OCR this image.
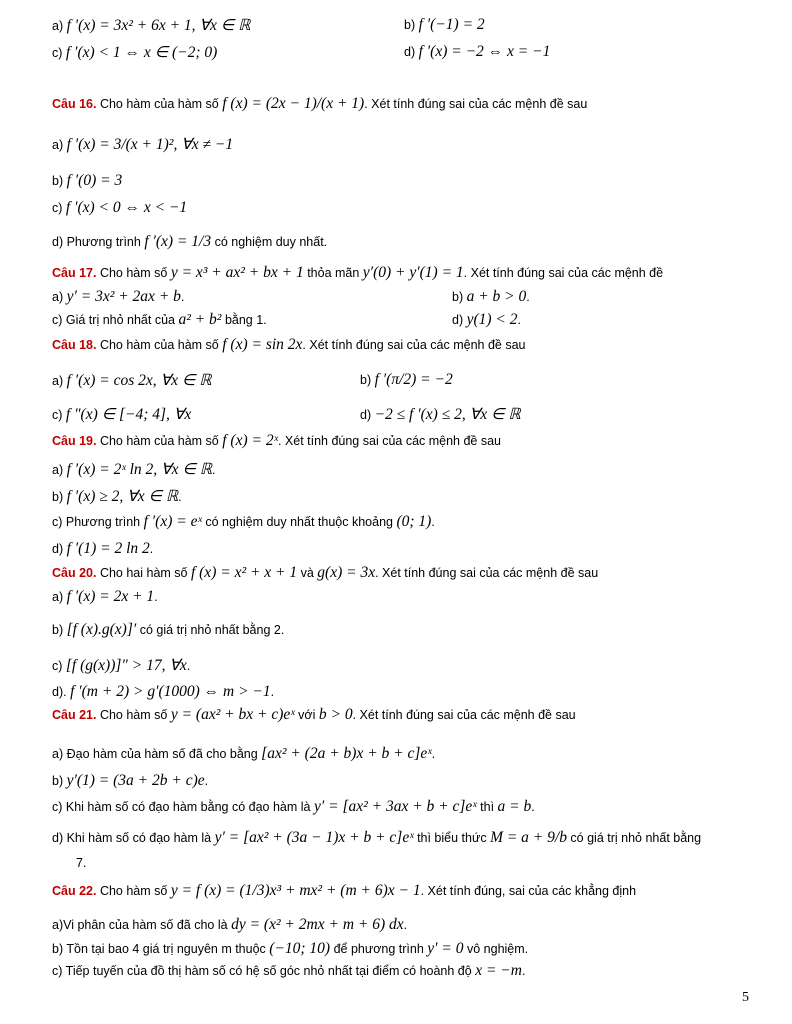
a) f ′(x) = 3x² + 6x + 1, ∀x ∈ ℝ	b) f ′(−1) = 2
c) f ′(x) < 1 ⇔ x ∈ (−2; 0)	d) f ′(x) = −2 ⇔ x = −1
Câu 16. Cho hàm của hàm số f (x) = (2x − 1)/(x + 1). Xét tính đúng sai của các mệnh đề sau
a) f ′(x) = 3/(x + 1)², ∀x ≠ −1
b) f ′(0) = 3
c) f ′(x) < 0 ⇔ x < −1
d) Phương trình f ′(x) = 1/3 có nghiệm duy nhất.
Câu 17. Cho hàm số y = x³ + ax² + bx + 1 thỏa mãn y′(0) + y′(1) = 1. Xét tính đúng sai của các mệnh đề
a) y′ = 3x² + 2ax + b.	b) a + b > 0.
c) Giá trị nhỏ nhất của a² + b² bằng 1.	d) y(1) < 2.
Câu 18. Cho hàm của hàm số f (x) = sin 2x. Xét tính đúng sai của các mệnh đề sau
a) f ′(x) = cos 2x, ∀x ∈ ℝ	b) f ′(π/2) = −2
c) f ″(x) ∈ [−4; 4], ∀x	d) −2 ≤ f ′(x) ≤ 2, ∀x ∈ ℝ
Câu 19. Cho hàm của hàm số f (x) = 2ˣ. Xét tính đúng sai của các mệnh đề sau
a) f ′(x) = 2ˣ ln 2, ∀x ∈ ℝ.
b) f ′(x) ≥ 2, ∀x ∈ ℝ.
c) Phương trình f ′(x) = eˣ có nghiệm duy nhất thuộc khoảng (0; 1).
d) f ′(1) = 2 ln 2.
Câu 20. Cho hai hàm số f (x) = x² + x + 1 và g(x) = 3x. Xét tính đúng sai của các mệnh đề sau
a) f ′(x) = 2x + 1.
b) [f (x).g(x)]′ có giá trị nhỏ nhất bằng 2.
c) [f (g(x))]″ > 17, ∀x.
d). f ′(m + 2) > g′(1000) ⇔ m > −1.
Câu 21. Cho hàm số y = (ax² + bx + c)eˣ với b > 0. Xét tính đúng sai của các mệnh đề sau
a) Đạo hàm của hàm số đã cho bằng [ax² + (2a + b)x + b + c]eˣ.
b) y′(1) = (3a + 2b + c)e.
c) Khi hàm số có đạo hàm bằng có đạo hàm là y′ = [ax² + 3ax + b + c]eˣ thì a = b.
d) Khi hàm số có đạo hàm là y′ = [ax² + (3a − 1)x + b + c]eˣ thì biểu thức M = a + 9/b có giá trị nhỏ nhất bằng
7.
Câu 22. Cho hàm số y = f (x) = (1/3)x³ + mx² + (m + 6)x − 1. Xét tính đúng, sai của các khẳng định
a)Vi phân của hàm số đã cho là dy = (x² + 2mx + m + 6) dx.
b) Tồn tại bao 4 giá trị nguyên m thuộc (−10; 10) để phương trình y′ = 0 vô nghiệm.
c) Tiếp tuyến của đồ thị hàm số có hệ số góc nhỏ nhất tại điểm có hoành độ x = −m.
5
